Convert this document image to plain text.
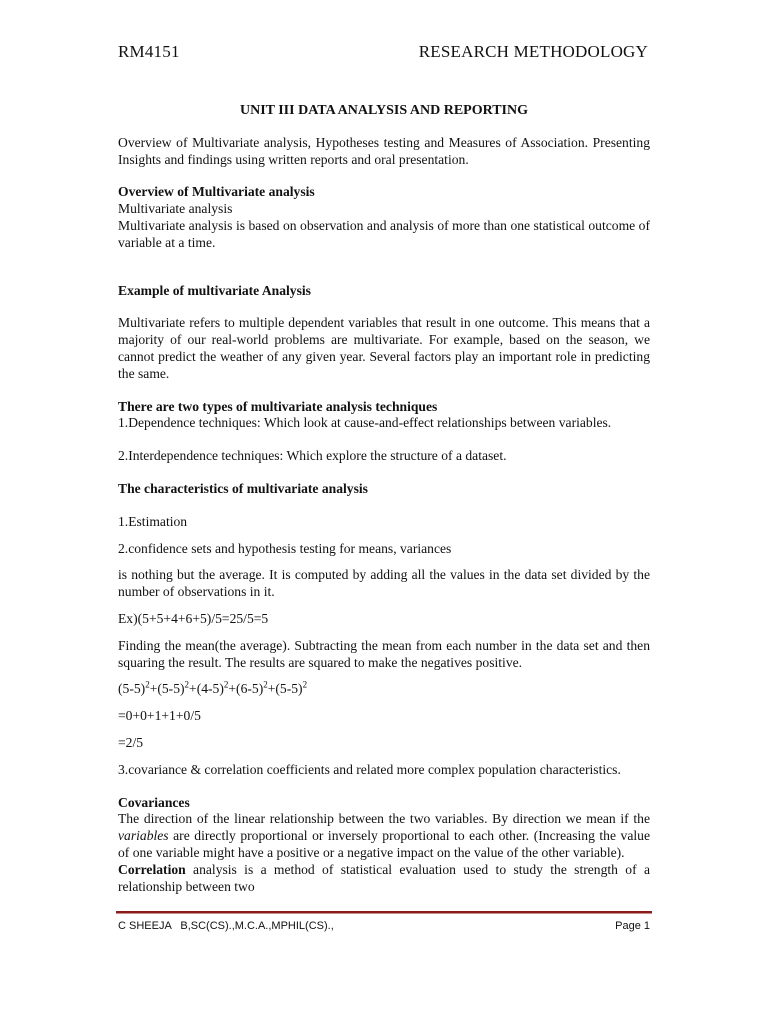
RM4151	RESEARCH METHODOLOGY

UNIT III DATA ANALYSIS AND REPORTING

Overview of Multivariate analysis, Hypotheses testing and Measures of Association. Presenting Insights and findings using written reports and oral presentation.

Overview of Multivariate analysis

Multivariate analysis

Multivariate analysis is based on observation and analysis of more than one statistical outcome of variable at a time.

Example of multivariate Analysis

Multivariate refers to multiple dependent variables that result in one outcome. This means that a majority of our real-world problems are multivariate. For example, based on the season, we cannot predict the weather of any given year. Several factors play an important role in predicting the same.

There are two types of multivariate analysis techniques

1.Dependence techniques: Which look at cause-and-effect relationships between variables.

2.Interdependence techniques: Which explore the structure of a dataset.

The characteristics of multivariate analysis

1.Estimation

2.confidence sets and hypothesis testing for means, variances

is nothing but the average. It is computed by adding all the values in the data set divided by the number of observations in it.

Ex)(5+5+4+6+5)/5=25/5=5

Finding the mean(the average). Subtracting the mean from each number in the data set and then squaring the result. The results are squared to make the negatives positive.

$(5-5)^2+(5-5)^2+(4-5)^2+(6-5)^2+(5-5)^2$

=0+0+1+1+0/5

=2/5

3.covariance & correlation coefficients and related more complex population characteristics.

Covariances

The direction of the linear relationship between the two variables. By direction we mean if the variables are directly proportional or inversely proportional to each other. (Increasing the value of one variable might have a positive or a negative impact on the value of the other variable).

Correlation analysis is a method of statistical evaluation used to study the strength of a relationship between two

C SHEEJA   B,SC(CS).,M.C.A.,MPHIL(CS).,	Page 1
